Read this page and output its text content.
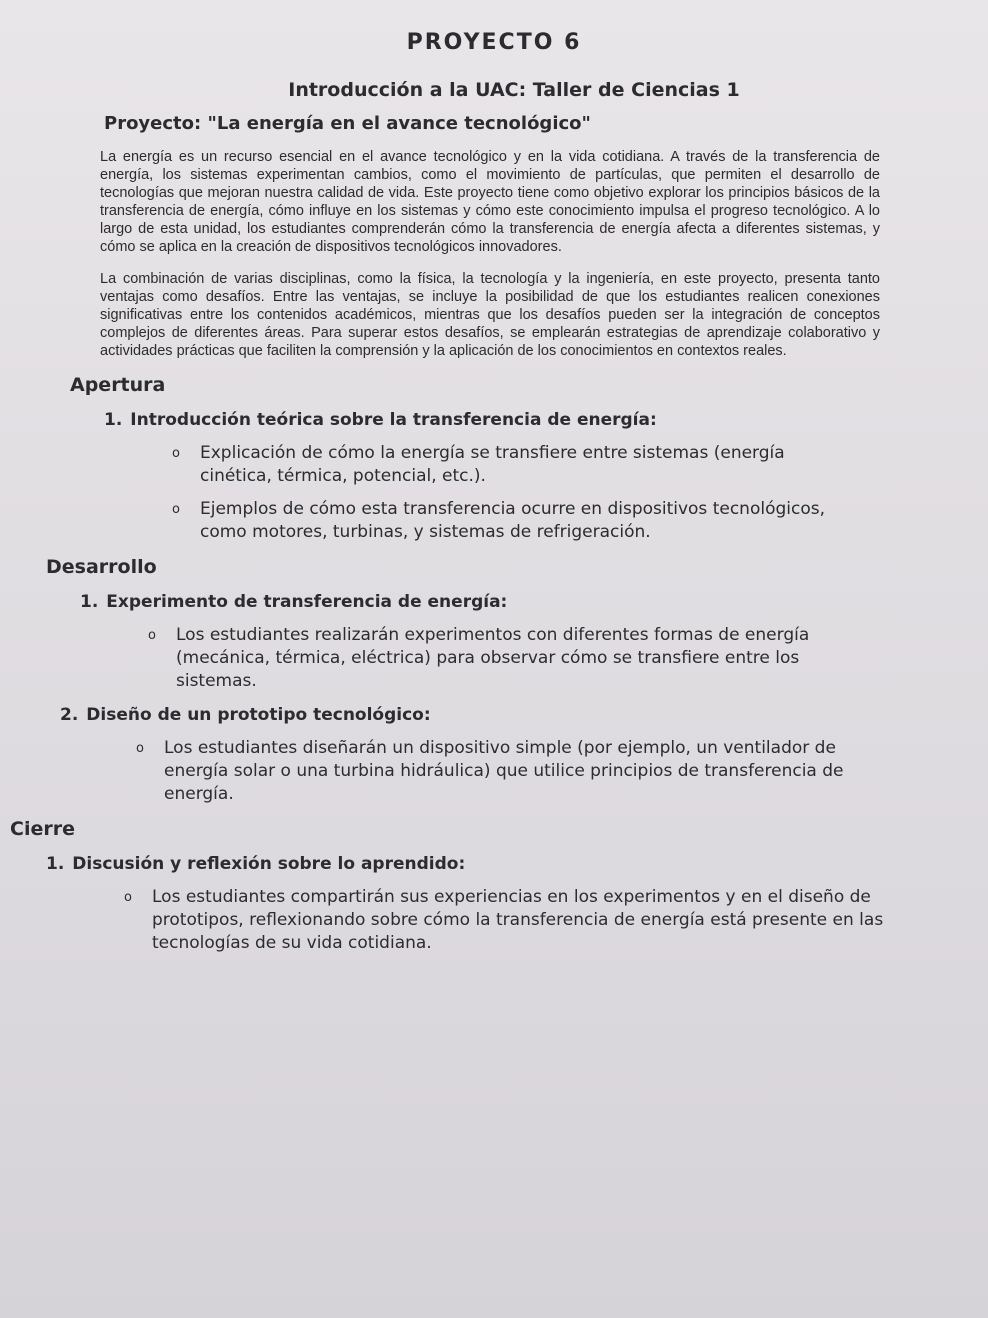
PROYECTO 6
Introducción a la UAC: Taller de Ciencias 1
Proyecto: "La energía en el avance tecnológico"

La energía es un recurso esencial en el avance tecnológico y en la vida cotidiana. A través de la transferencia de energía, los sistemas experimentan cambios, como el movimiento de partículas, que permiten el desarrollo de tecnologías que mejoran nuestra calidad de vida. Este proyecto tiene como objetivo explorar los principios básicos de la transferencia de energía, cómo influye en los sistemas y cómo este conocimiento impulsa el progreso tecnológico. A lo largo de esta unidad, los estudiantes comprenderán cómo la transferencia de energía afecta a diferentes sistemas, y cómo se aplica en la creación de dispositivos tecnológicos innovadores.

La combinación de varias disciplinas, como la física, la tecnología y la ingeniería, en este proyecto, presenta tanto ventajas como desafíos. Entre las ventajas, se incluye la posibilidad de que los estudiantes realicen conexiones significativas entre los contenidos académicos, mientras que los desafíos pueden ser la integración de conceptos complejos de diferentes áreas. Para superar estos desafíos, se emplearán estrategias de aprendizaje colaborativo y actividades prácticas que faciliten la comprensión y la aplicación de los conocimientos en contextos reales.

Apertura
1. Introducción teórica sobre la transferencia de energía:
o Explicación de cómo la energía se transfiere entre sistemas (energía cinética, térmica, potencial, etc.).
o Ejemplos de cómo esta transferencia ocurre en dispositivos tecnológicos, como motores, turbinas, y sistemas de refrigeración.
Desarrollo
1. Experimento de transferencia de energía:
o Los estudiantes realizarán experimentos con diferentes formas de energía (mecánica, térmica, eléctrica) para observar cómo se transfiere entre los sistemas.
2. Diseño de un prototipo tecnológico:
o Los estudiantes diseñarán un dispositivo simple (por ejemplo, un ventilador de energía solar o una turbina hidráulica) que utilice principios de transferencia de energía.
Cierre
1. Discusión y reflexión sobre lo aprendido:
o Los estudiantes compartirán sus experiencias en los experimentos y en el diseño de prototipos, reflexionando sobre cómo la transferencia de energía está presente en las tecnologías de su vida cotidiana.
